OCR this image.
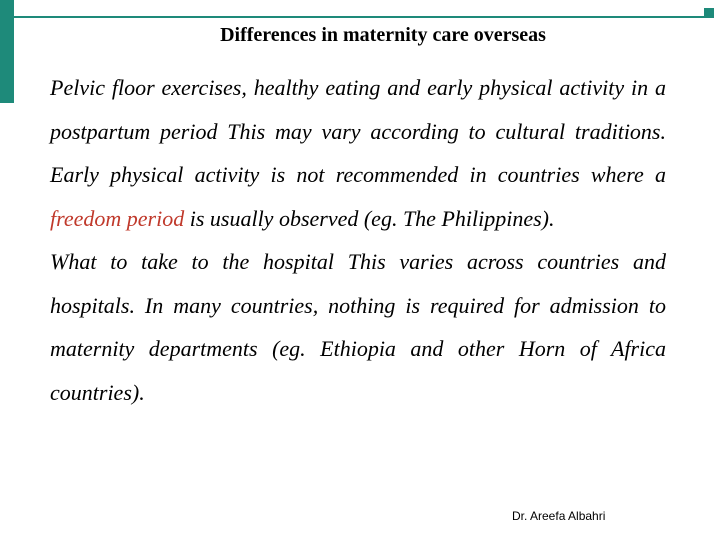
Differences in maternity care overseas

Pelvic floor exercises, healthy eating and early physical activity in a postpartum period This may vary according to cultural traditions. Early physical activity is not recommended in countries where a freedom period is usually observed (eg. The Philippines).

What to take to the hospital This varies across countries and hospitals. In many countries, nothing is required for admission to maternity departments (eg. Ethiopia and other Horn of Africa countries).

Dr. Areefa Albahri
